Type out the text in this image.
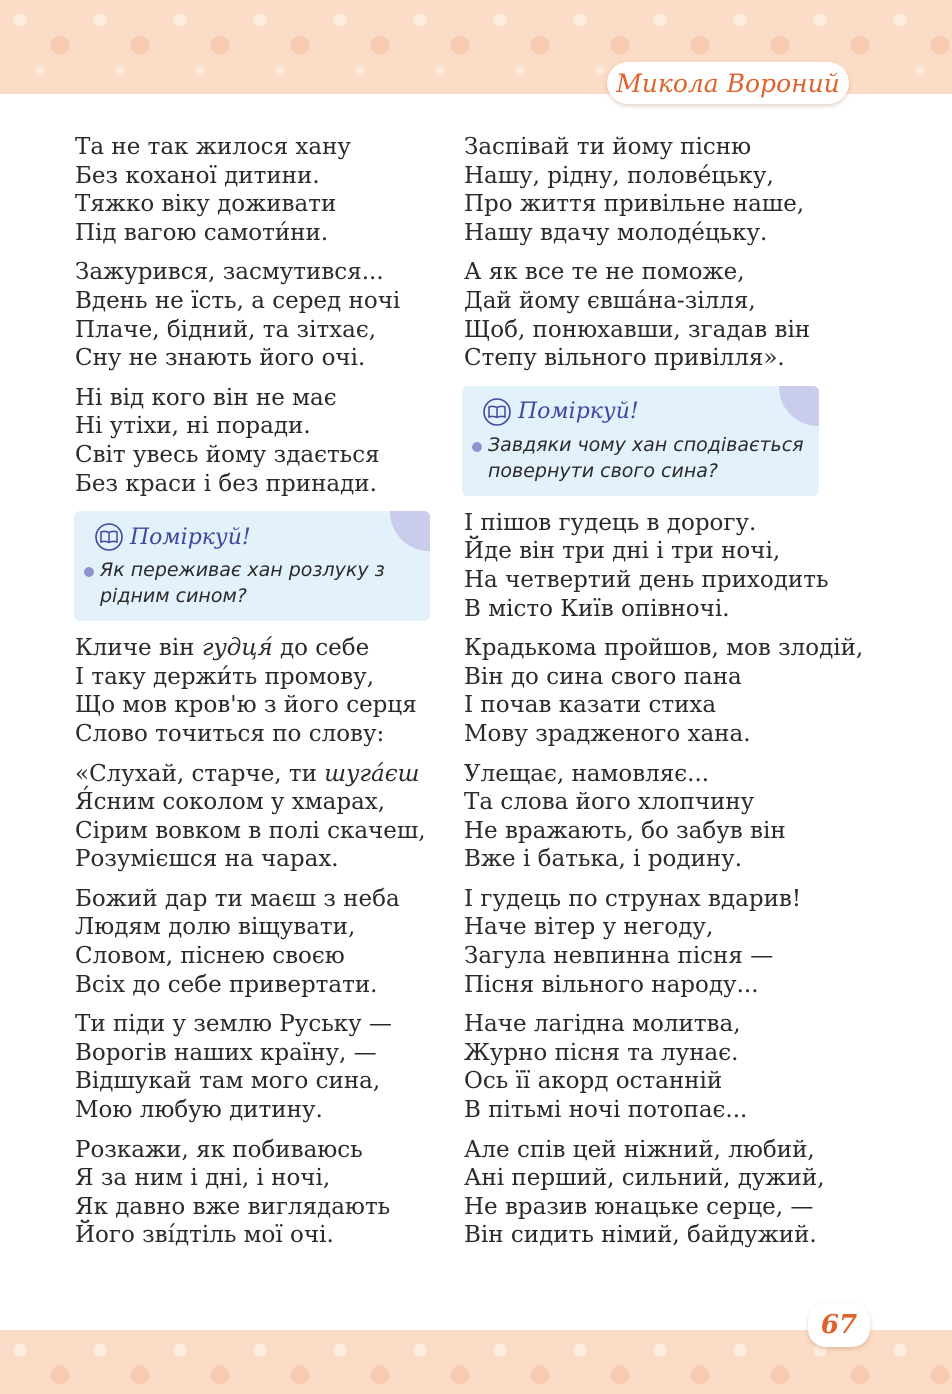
Микола Вороний
Та не так жилося хану
Без коханої дитини.
Тяжко віку доживати
Під вагою самоти́ни.
Зажурився, засмутився...
Вдень не їсть, а серед ночі
Плаче, бідний, та зітхає,
Сну не знають його очі.
Ні від кого він не має
Ні утіхи, ні поради.
Світ увесь йому здається
Без краси і без принади.
Поміркуй!
Як переживає хан розлуку з рідним сином?
Кличе він гудця́ до себе
І таку держи́ть промову,
Що мов кров'ю з його серця
Слово точиться по слову:
«Слухай, старче, ти шуга́єш
Я́сним соколом у хмарах,
Сірим вовком в полі скачеш,
Розумієшся на чарах.
Божий дар ти маєш з неба
Людям долю віщувати,
Словом, піснею своєю
Всіх до себе привертати.
Ти піди у землю Руську —
Ворогів наших країну, —
Відшукай там мого сина,
Мою любую дитину.
Розкажи, як побиваюсь
Я за ним і дні, і ночі,
Як давно вже виглядають
Його зві́дтіль мої очі.
Заспівай ти йому пісню
Нашу, рідну, полове́цьку,
Про життя привільне наше,
Нашу вдачу молоде́цьку.
А як все те не поможе,
Дай йому євша́на-зілля,
Щоб, понюхавши, згадав він
Степу вільного привілля».
Поміркуй!
Завдяки чому хан сподівається повернути свого сина?
І пішов гудець в дорогу.
Йде він три дні і три ночі,
На четвертий день приходить
В місто Київ опівночі.
Крадькома пройшов, мов злодій,
Він до сина свого пана
І почав казати стиха
Мову зрадженого хана.
Улещає, намовляє...
Та слова його хлопчину
Не вражають, бо забув він
Вже і батька, і родину.
І гудець по струнах вдарив!
Наче вітер у негоду,
Загула невпинна пісня —
Пісня вільного народу...
Наче лагідна молитва,
Журно пісня та лунає.
Ось її акорд останній
В пітьмі ночі потопає...
Але спів цей ніжний, любий,
Ані перший, сильний, дужий,
Не вразив юнацьке серце, —
Він сидить німий, байдужий.
67
